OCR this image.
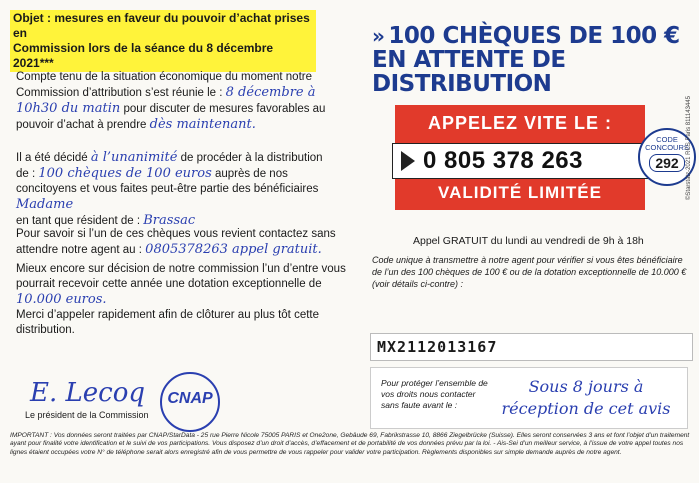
Objet : mesures en faveur du pouvoir d’achat prises en
Commission lors de la séance du 8 décembre 2021***
Compte tenu de la situation économique du moment notre
Commission d’attribution s’est réunie le : 8 décembre à
10h30 du matin pour discuter de mesures favorables au
pouvoir d’achat à prendre dès maintenant.
Il a été décidé à l’unanimité de procéder à la distribution
de : 100 chèques de 100 euros auprès de nos
concitoyens et vous faites peut-être partie des bénéficiaires
Madame
en tant que résident de : Brassac
Pour savoir si l’un de ces chèques vous revient contactez sans
attendre notre agent au : 0805378263 appel gratuit.
Mieux encore sur décision de notre commission l’un d’entre vous
pourrait recevoir cette année une dotation exceptionnelle de
10.000 euros.
Merci d’appeler rapidement afin de clôturer au plus tôt cette
distribution.
E. Lecoq
Le président de la Commission
CNAP
» 100 CHÈQUES DE 100 €
EN ATTENTE DE DISTRIBUTION
APPELEZ VITE LE :
0 805 378 263
VALIDITÉ LIMITÉE
CODE CONCOURS
292
Appel GRATUIT du lundi au vendredi de 9h à 18h
Code unique à transmettre à notre agent pour vérifier si vous êtes bénéficiaire de l’un des 100 chèques de 100 € ou de la dotation exceptionnelle de 10.000 € (voir détails ci-contre) :
MX2112013167
Pour protéger l’ensemble de vos droits nous contacter sans faute avant le :
Sous 8 jours à réception de cet avis
©Starstatz-2021 RCS Paris 811143445
IMPORTANT : Vos données seront traitées par CNAP/StarData - 25 rue Pierre Nicole 75005 PARIS et One2one, Gebäude 69, Fabrikstrasse 10, 8866 Ziegelbrücke (Suisse). Elles seront conservées 3 ans et font l’objet d’un traitement ayant pour finalité votre identification et le suivi de vos participations. Vous disposez d’un droit d’accès, d’effacement et de portabilité de vos données prévu par la loi. - Ais-Sei d’un meilleur service, à l’issue de votre appel toutes nos lignes étaient occupées votre N° de téléphone serait alors enregistré afin de vous permettre de vous rappeler pour valider votre participation. Règlements disponibles sur simple demande auprès de notre agent.
